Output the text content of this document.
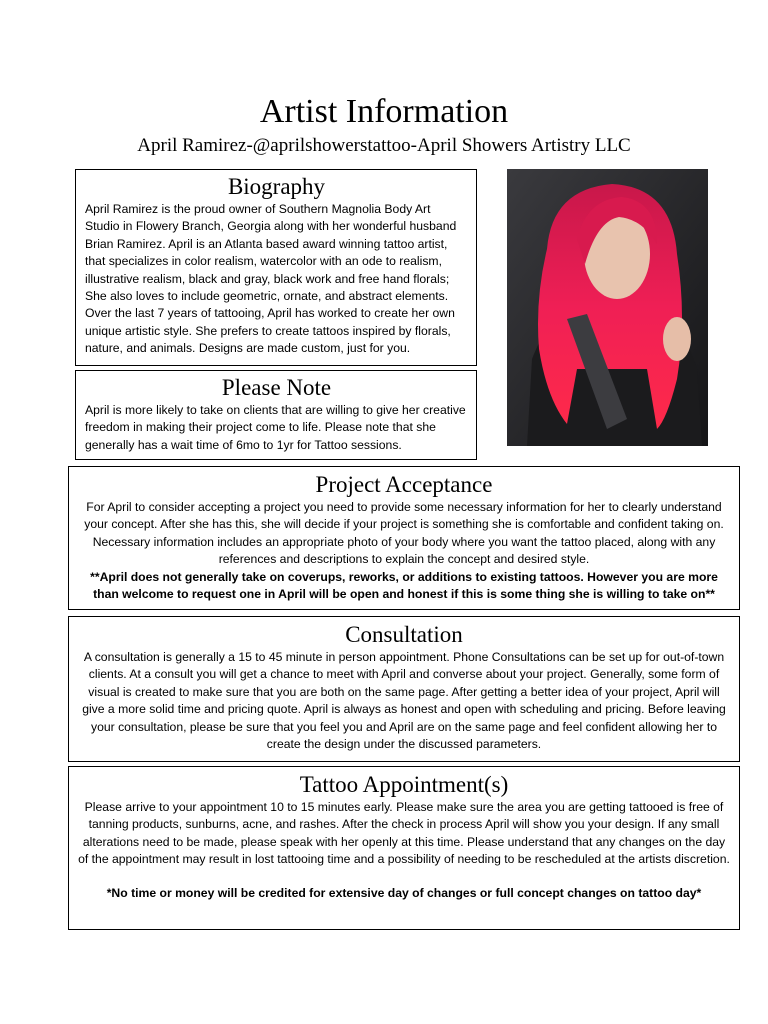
Artist Information
April Ramirez-@aprilshowerstattoo-April Showers Artistry LLC
Biography

April Ramirez is the proud owner of Southern Magnolia Body Art Studio in Flowery Branch, Georgia along with her wonderful husband Brian Ramirez. April is an Atlanta based award winning tattoo artist, that specializes in color realism, watercolor with an ode to realism, illustrative realism, black and gray, black work and free hand florals; She also loves to include geometric, ornate, and abstract elements. Over the last 7 years of tattooing, April has worked to create her own unique artistic style. She prefers to create tattoos inspired by florals, nature, and animals. Designs are made custom, just for you.

Please Note

April is more likely to take on clients that are willing to give her creative freedom in making their project come to life. Please note that she generally has a wait time of 6mo to 1yr for Tattoo sessions.

Project Acceptance

For April to consider accepting a project you need to provide some necessary information for her to clearly understand your concept. After she has this, she will decide if your project is something she is comfortable and confident taking on. Necessary information includes an appropriate photo of your body where you want the tattoo placed, along with any references and descriptions to explain the concept and desired style.

**April does not generally take on coverups, reworks, or additions to existing tattoos. However you are more than welcome to request one in April will be open and honest if this is some thing she is willing to take on**

Consultation

A consultation is generally a 15 to 45 minute in person appointment. Phone Consultations can be set up for out-of-town clients. At a consult you will get a chance to meet with April and converse about your project. Generally, some form of visual is created to make sure that you are both on the same page. After getting a better idea of your project, April will give a more solid time and pricing quote. April is always as honest and open with scheduling and pricing. Before leaving your consultation, please be sure that you feel you and April are on the same page and feel confident allowing her to create the design under the discussed parameters.

Tattoo Appointment(s)

Please arrive to your appointment 10 to 15 minutes early. Please make sure the area you are getting tattooed is free of tanning products, sunburns, acne, and rashes. After the check in process April will show you your design. If any small alterations need to be made, please speak with her openly at this time. Please understand that any changes on the day of the appointment may result in lost tattooing time and a possibility of needing to be rescheduled at the artists discretion.

*No time or money will be credited for extensive day of changes or full concept changes on tattoo day*
